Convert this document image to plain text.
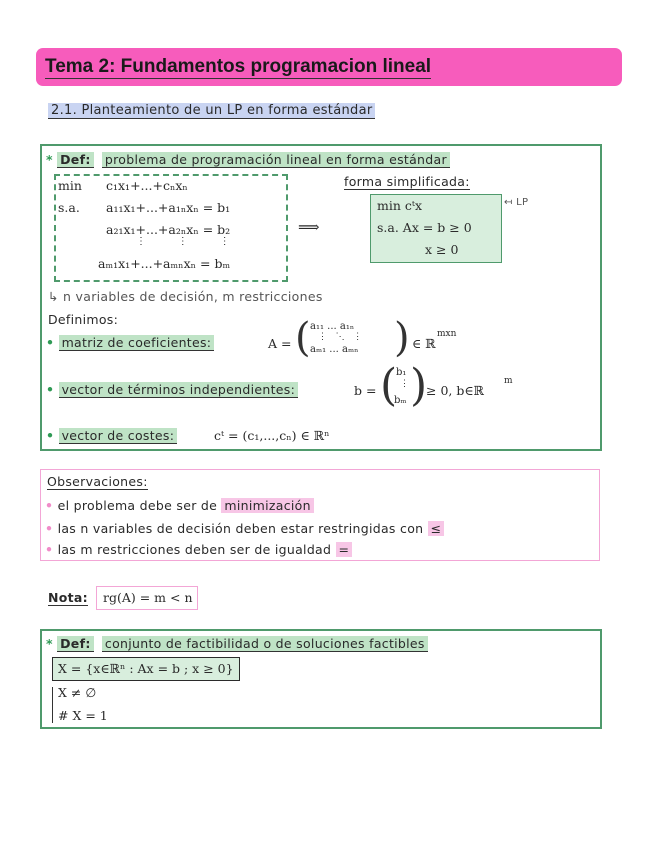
Tema 2: Fundamentos programacion lineal
2.1. Planteamiento de un LP en forma estándar
* Def: problema de programación lineal en forma estándar
min c₁x₁+...+cₙxₙ
s.a. a₁₁x₁+...+a₁ₙxₙ = b₁
a₂₁x₁+...+a₂ₙxₙ = b₂
⋮          ⋮          ⋮
aₘ₁x₁+...+aₘₙxₙ = bₘ
⟹
forma simplificada:
min cᵗx
s.a. Ax = b ≥ 0
x ≥ 0
↤ LP
↳ n variables de decisión, m restricciones
Definimos:
• matriz de coeficientes:	A = ( a₁₁ ... a₁ₙ
⋮   ⋱   ⋮
aₘ₁ ... aₘₙ ) ∈ ℝ
mxn
• vector de términos independientes:	b = (
b₁
⋮
bₘ )
≥ 0, b∈ℝ
m
• vector de costes:	cᵗ = (c₁,...,cₙ) ∈ ℝⁿ
Observaciones:
• el problema debe ser de minimización
• las n variables de decisión deben estar restringidas con ≤
• las m restricciones deben ser de igualdad =
Nota: rg(A) = m < n
* Def: conjunto de factibilidad o de soluciones factibles
X = {x∈ℝⁿ : Ax = b ; x ≥ 0}
X ≠ ∅
# X = 1
